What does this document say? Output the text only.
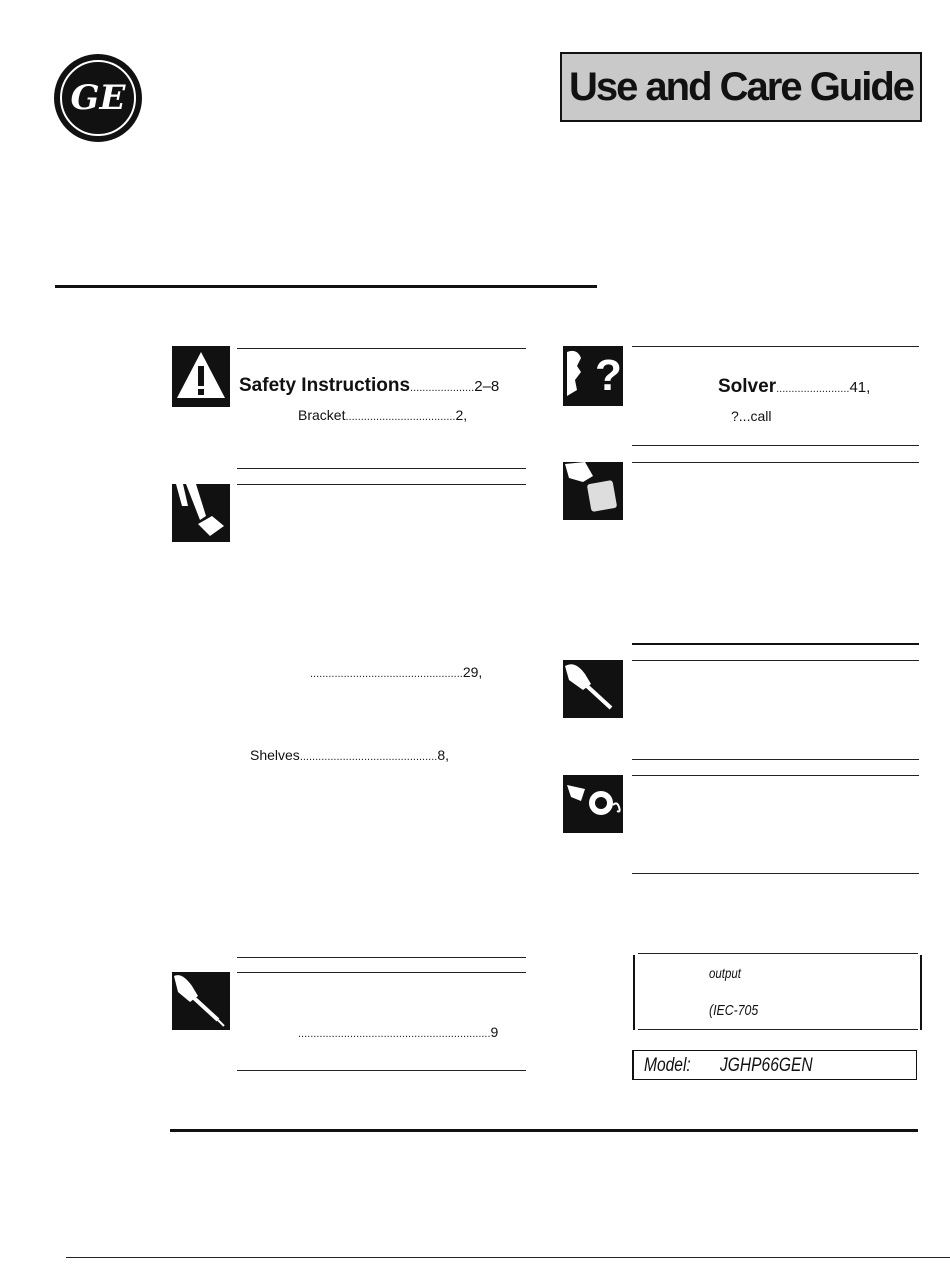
GE	Use and Care Guide
Safety Instructions.....................2–8
Bracket....................................2,
..................................................29,
Shelves.............................................8,
...............................................................9
?	Solver........................41,
?...call
output
(IEC-705
Model: JGHP66GEN
